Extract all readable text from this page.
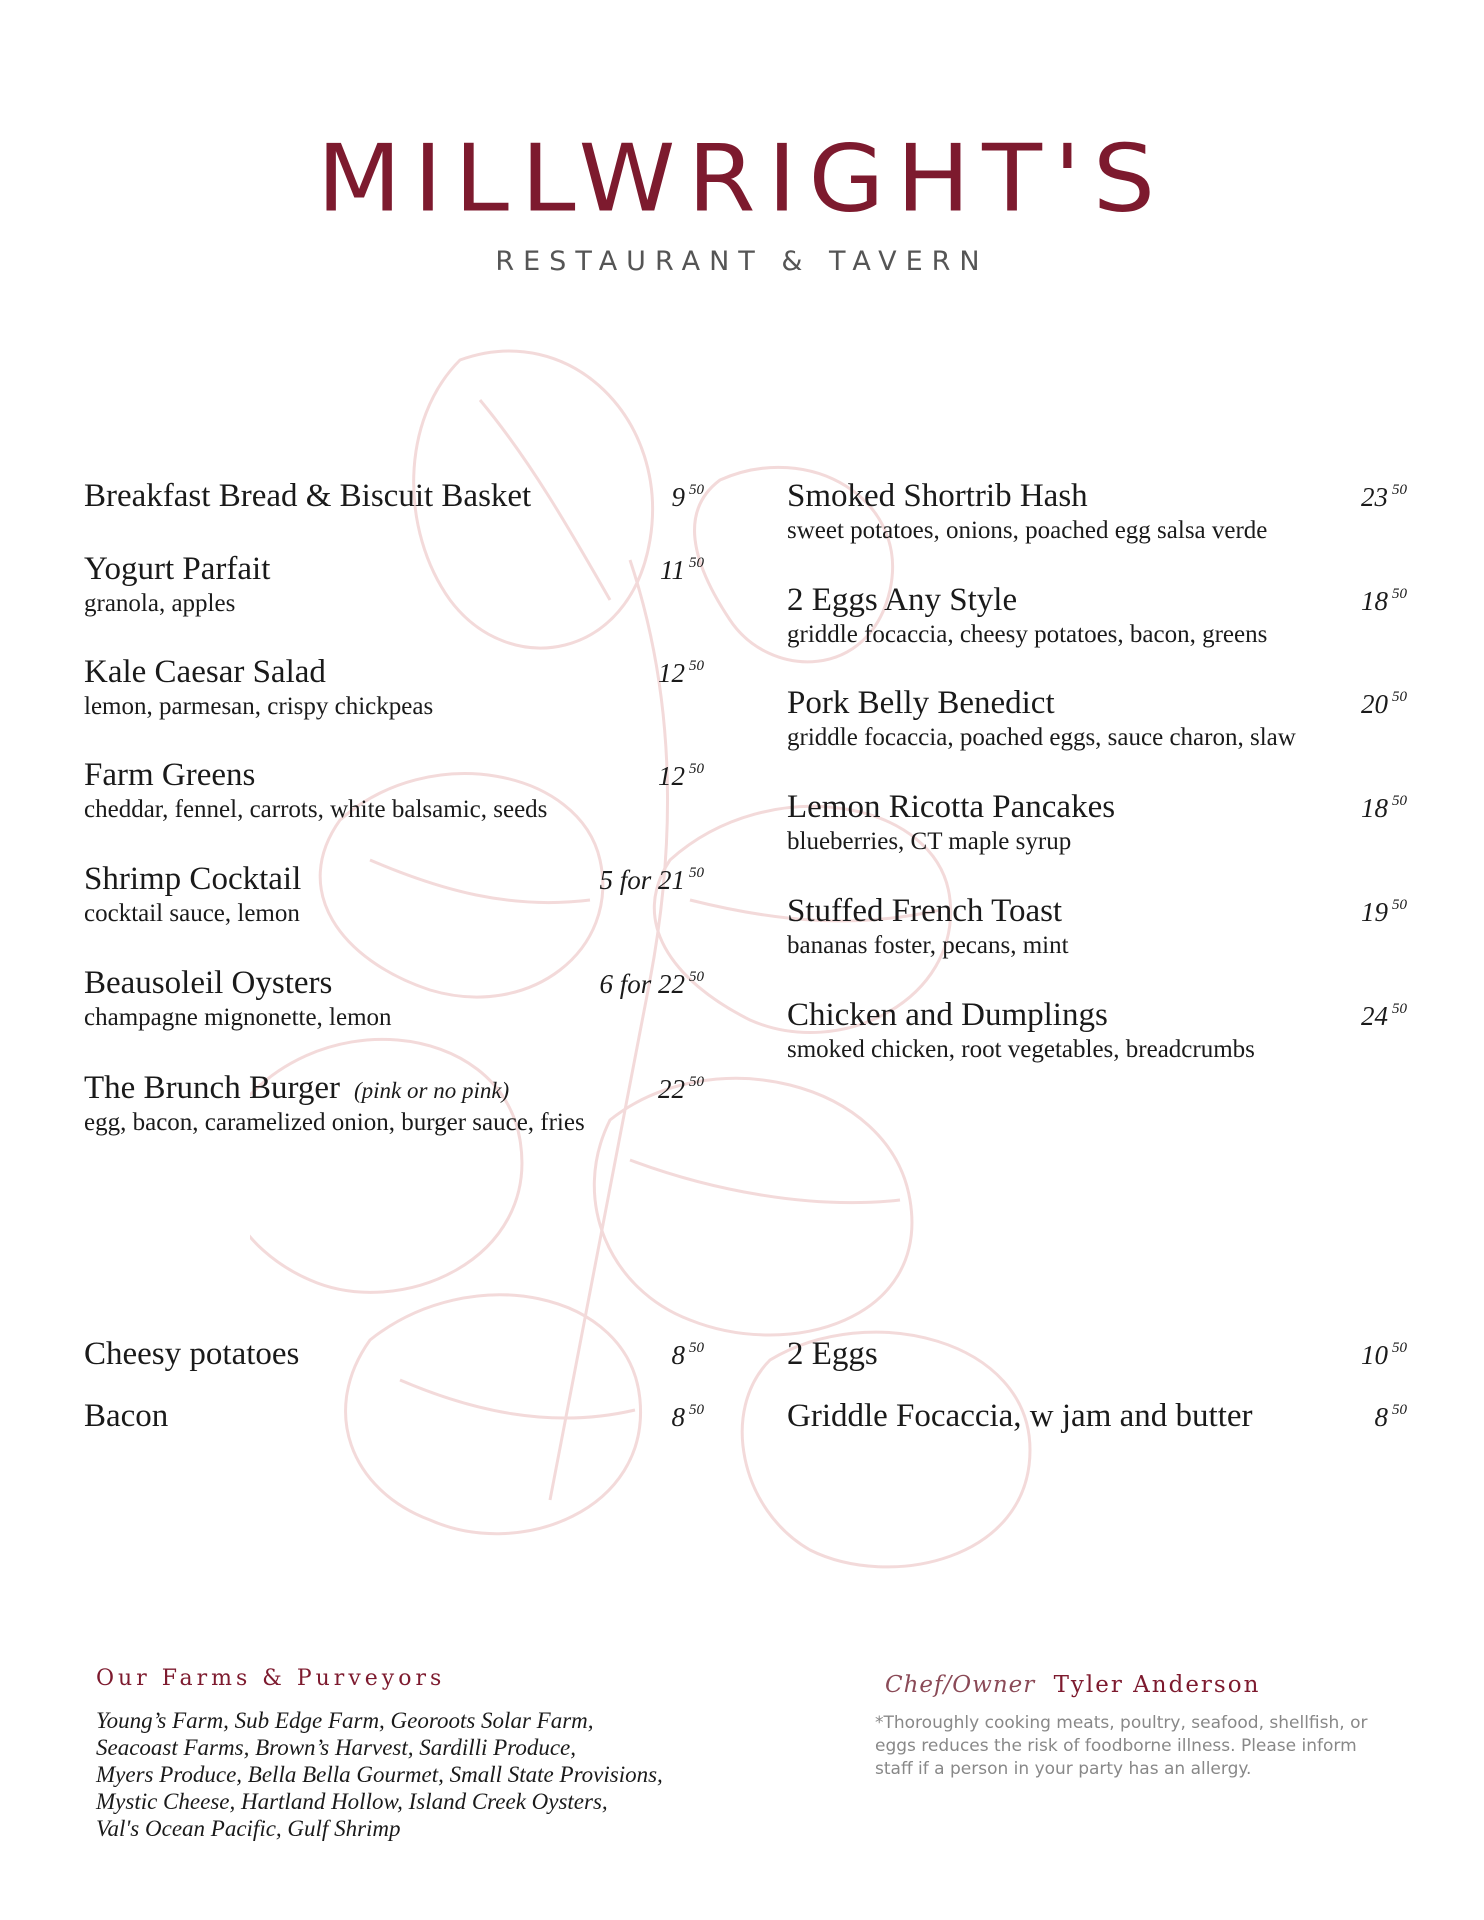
MILLWRIGHT'S
RESTAURANT & TAVERN
Breakfast Bread & Biscuit Basket	9 $^{50}$
Yogurt Parfait	11 $^{50}$
granola, apples
Kale Caesar Salad	12 $^{50}$
lemon, parmesan, crispy chickpeas
Farm Greens	12 $^{50}$
cheddar, fennel, carrots, white balsamic, seeds
Shrimp Cocktail	5 for 21 $^{50}$
cocktail sauce, lemon
Beausoleil Oysters	6 for 22 $^{50}$
champagne mignonette, lemon
The Brunch Burger (pink or no pink)	22 $^{50}$
egg, bacon, caramelized onion, burger sauce, fries
Smoked Shortrib Hash	23 $^{50}$
sweet potatoes, onions, poached egg salsa verde
2 Eggs Any Style	18 $^{50}$
griddle focaccia, cheesy potatoes, bacon, greens
Pork Belly Benedict	20 $^{50}$
griddle focaccia, poached eggs, sauce charon, slaw
Lemon Ricotta Pancakes	18 $^{50}$
blueberries, CT maple syrup
Stuffed French Toast	19 $^{50}$
bananas foster, pecans, mint
Chicken and Dumplings	24 $^{50}$
smoked chicken, root vegetables, breadcrumbs
Cheesy potatoes	8 $^{50}$
Bacon	8 $^{50}$
2 Eggs	10 $^{50}$
Griddle Focaccia, w jam and butter	8 $^{50}$
Our Farms & Purveyors
Young’s Farm, Sub Edge Farm, Georoots Solar Farm,
Seacoast Farms, Brown’s Harvest, Sardilli Produce,
Myers Produce, Bella Bella Gourmet, Small State Provisions,
Mystic Cheese, Hartland Hollow, Island Creek Oysters,
Val's Ocean Pacific, Gulf Shrimp
Chef/Owner Tyler Anderson
*Thoroughly cooking meats, poultry, seafood, shellfish, or eggs reduces the risk of foodborne illness. Please inform staff if a person in your party has an allergy.
